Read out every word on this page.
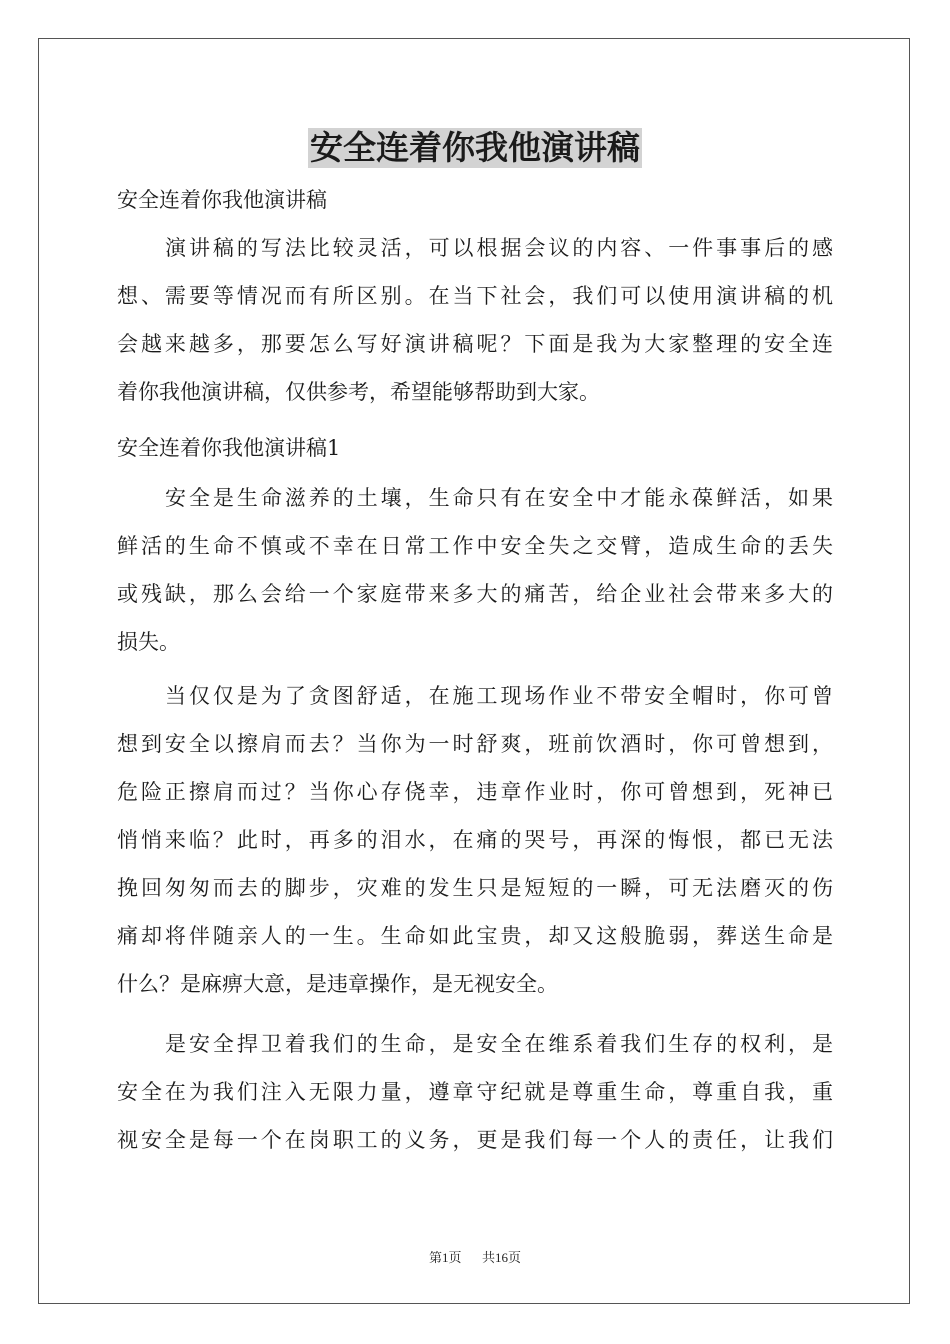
安全连着你我他演讲稿
安全连着你我他演讲稿
演讲稿的写法比较灵活，可以根据会议的内容、一件事事后的感
想、需要等情况而有所区别。在当下社会，我们可以使用演讲稿的机
会越来越多，那要怎么写好演讲稿呢？下面是我为大家整理的安全连
着你我他演讲稿，仅供参考，希望能够帮助到大家。
安全连着你我他演讲稿1
安全是生命滋养的土壤，生命只有在安全中才能永葆鲜活，如果
鲜活的生命不慎或不幸在日常工作中安全失之交臂，造成生命的丢失
或残缺，那么会给一个家庭带来多大的痛苦，给企业社会带来多大的
损失。
当仅仅是为了贪图舒适，在施工现场作业不带安全帽时，你可曾
想到安全以擦肩而去？当你为一时舒爽，班前饮酒时，你可曾想到，
危险正擦肩而过？当你心存侥幸，违章作业时，你可曾想到，死神已
悄悄来临？此时，再多的泪水，在痛的哭号，再深的悔恨，都已无法
挽回匆匆而去的脚步，灾难的发生只是短短的一瞬，可无法磨灭的伤
痛却将伴随亲人的一生。生命如此宝贵，却又这般脆弱，葬送生命是
什么？是麻痹大意，是违章操作，是无视安全。
是安全捍卫着我们的生命，是安全在维系着我们生存的权利，是
安全在为我们注入无限力量，遵章守纪就是尊重生命，尊重自我，重
视安全是每一个在岗职工的义务，更是我们每一个人的责任，让我们
第1页 共16页
